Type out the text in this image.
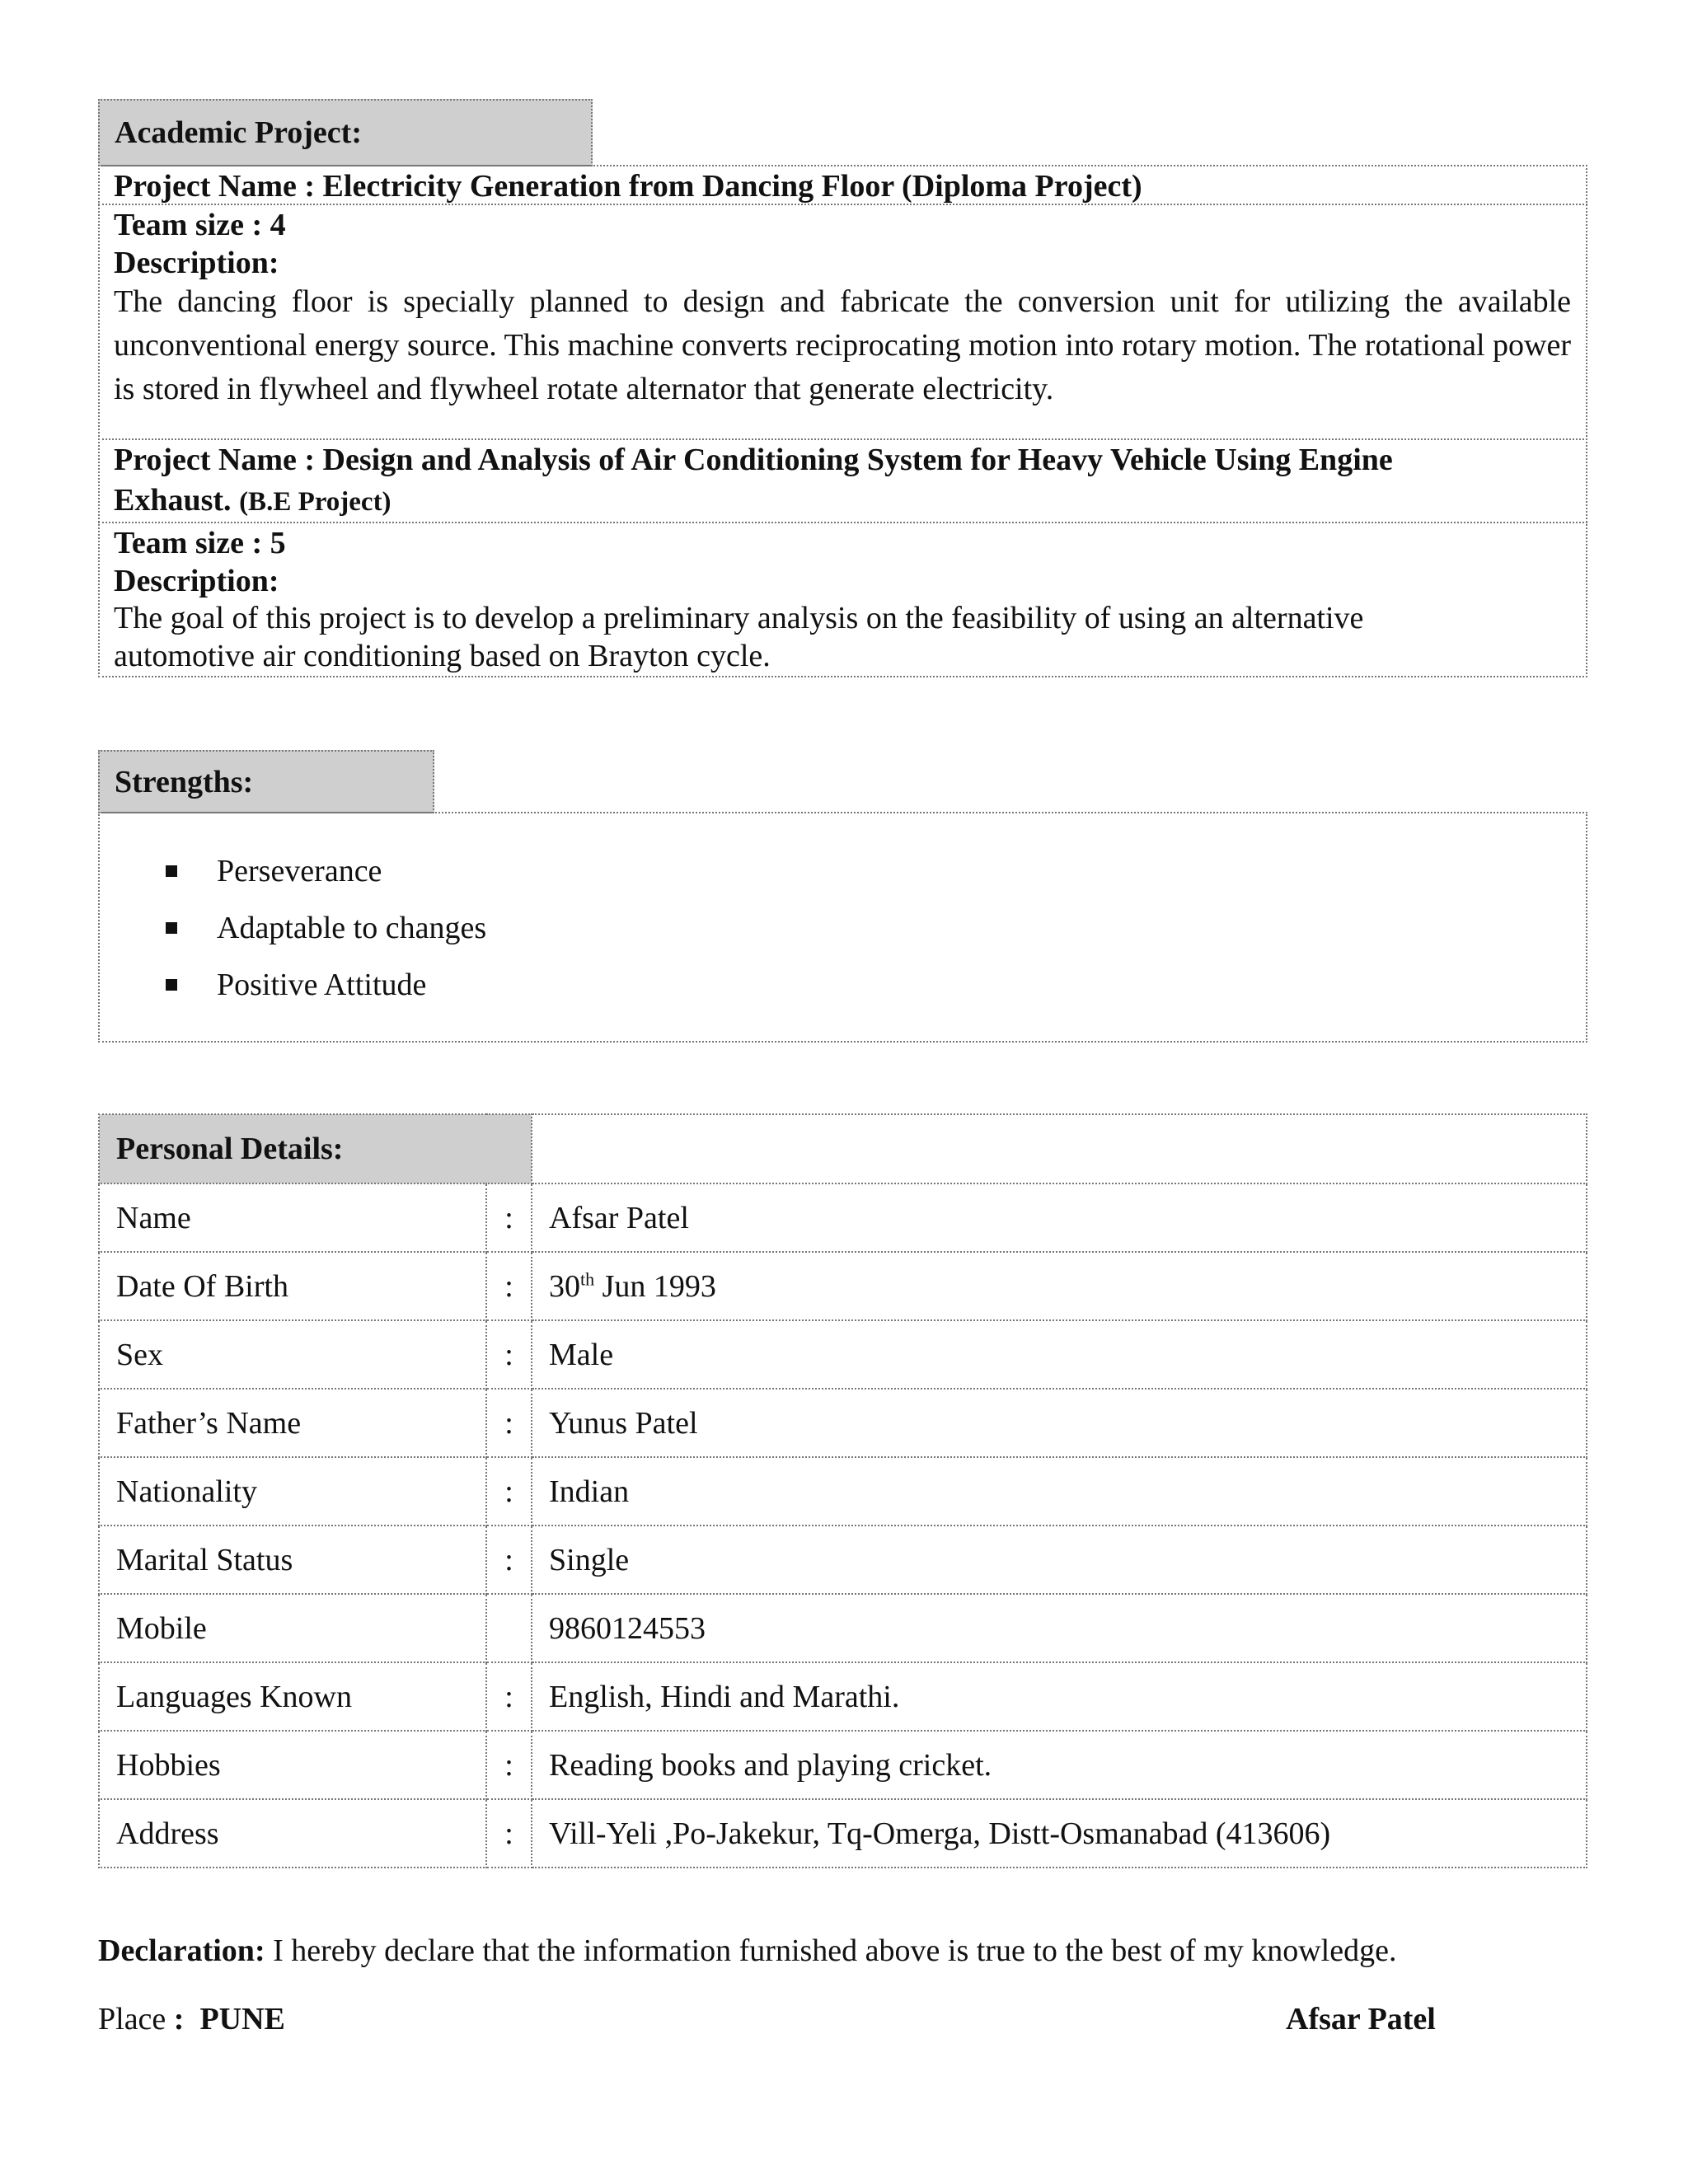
Academic Project:
Project Name : Electricity Generation from Dancing Floor (Diploma Project)
Team size : 4
Description:
The dancing floor is specially planned to design and fabricate the conversion unit for utilizing the available unconventional energy source. This machine converts reciprocating motion into rotary motion. The rotational power is stored in flywheel and flywheel rotate alternator that generate electricity.
Project Name : Design and Analysis of Air Conditioning System for Heavy Vehicle Using Engine
Exhaust. (B.E Project)
Team size : 5
Description:
The goal of this project is to develop a preliminary analysis on the feasibility of using an alternative
automotive air conditioning based on Brayton cycle.
Strengths:
Perseverance
Adaptable to changes
Positive Attitude
Personal Details:		
Name	:	Afsar Patel
Date Of Birth	:	30th Jun 1993
Sex	:	Male
Father’s Name	:	Yunus Patel
Nationality	:	Indian
Marital Status	:	Single
Mobile		9860124553
Languages Known	:	English, Hindi and Marathi.
Hobbies	:	Reading books and playing cricket.
Address	:	Vill-Yeli ,Po-Jakekur, Tq-Omerga, Distt-Osmanabad (413606)
Declaration: I hereby declare that the information furnished above is true to the best of my knowledge.
Place :  PUNE	Afsar Patel
